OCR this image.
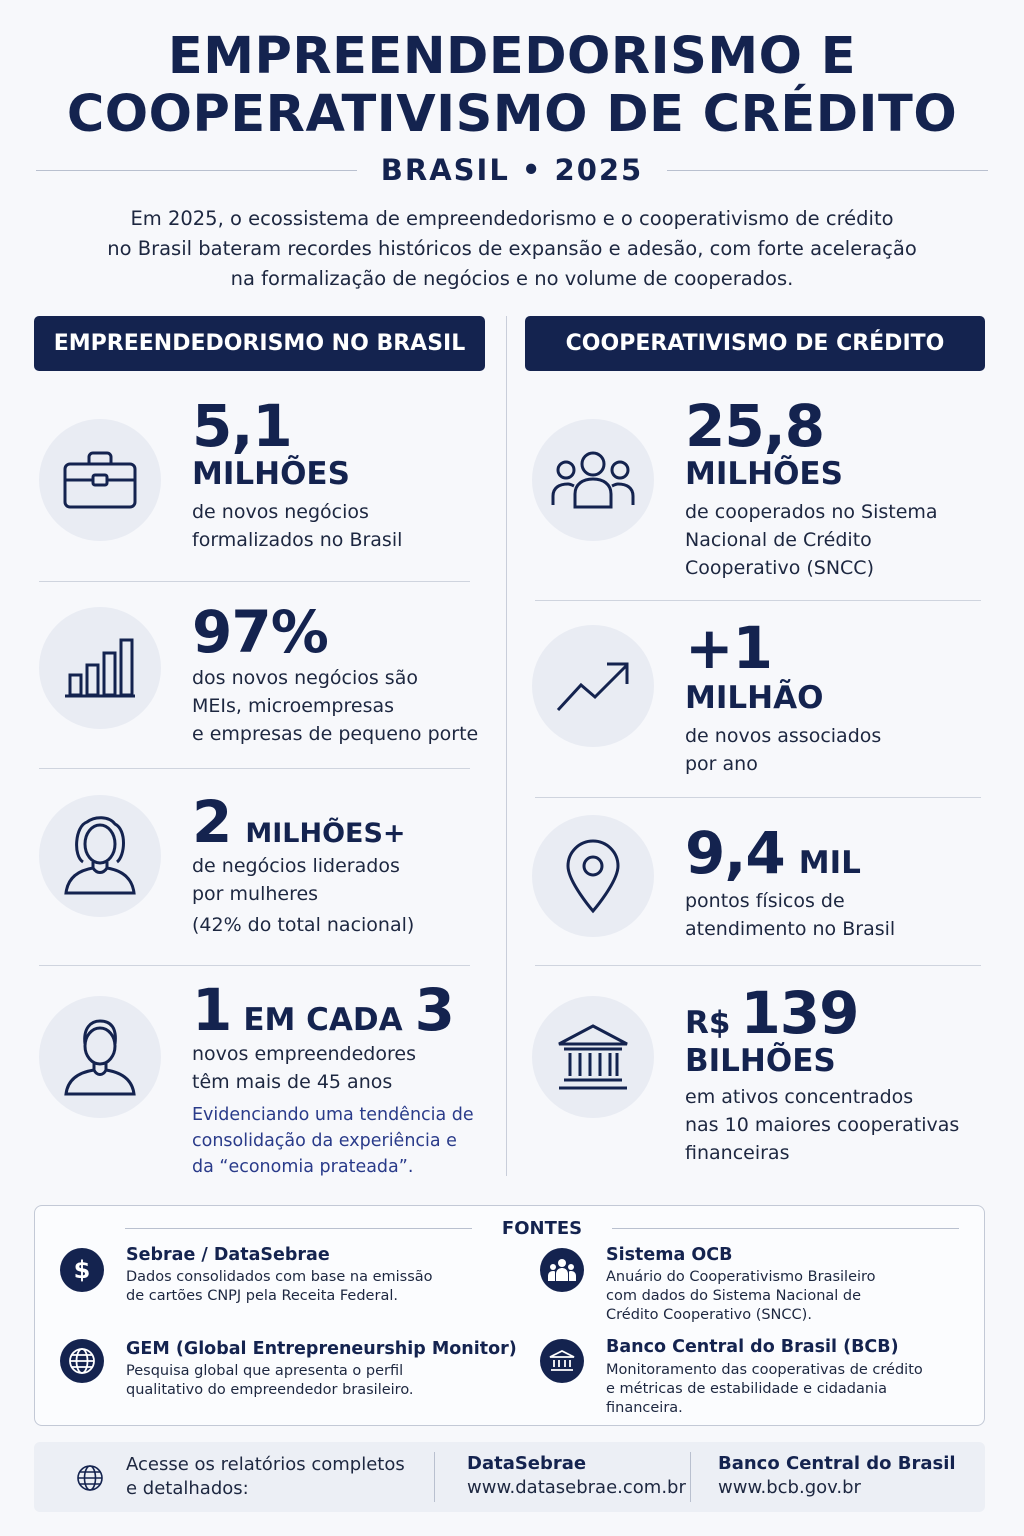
EMPREENDEDORISMO E
COOPERATIVISMO DE CRÉDITO
BRASIL • 2025
Em 2025, o ecossistema de empreendedorismo e o cooperativismo de crédito
no Brasil bateram recordes históricos de expansão e adesão, com forte aceleração
na formalização de negócios e no volume de cooperados.
EMPREENDEDORISMO NO BRASIL	COOPERATIVISMO DE CRÉDITO
5,1
MILHÕES
de novos negócios
formalizados no Brasil
97%
dos novos negócios são
MEIs, microempresas
e empresas de pequeno porte
2 MILHÕES+
de negócios liderados
por mulheres
(42% do total nacional)
1 EM CADA 3
novos empreendedores
têm mais de 45 anos
Evidenciando uma tendência de
consolidação da experiência e
da “economia prateada”.
25,8
MILHÕES
de cooperados no Sistema
Nacional de Crédito
Cooperativo (SNCC)
+1
MILHÃO
de novos associados
por ano
9,4 MIL
pontos físicos de
atendimento no Brasil
R$ 139
BILHÕES
em ativos concentrados
nas 10 maiores cooperativas
financeiras
FONTES
$
Sebrae / DataSebrae
Dados consolidados com base na emissão
de cartões CNPJ pela Receita Federal.
GEM (Global Entrepreneurship Monitor)
Pesquisa global que apresenta o perfil
qualitativo do empreendedor brasileiro.
Sistema OCB
Anuário do Cooperativismo Brasileiro
com dados do Sistema Nacional de
Crédito Cooperativo (SNCC).
Banco Central do Brasil (BCB)
Monitoramento das cooperativas de crédito
e métricas de estabilidade e cidadania
financeira.
Acesse os relatórios completos
e detalhados:
DataSebrae
www.datasebrae.com.br
Banco Central do Brasil
www.bcb.gov.br
